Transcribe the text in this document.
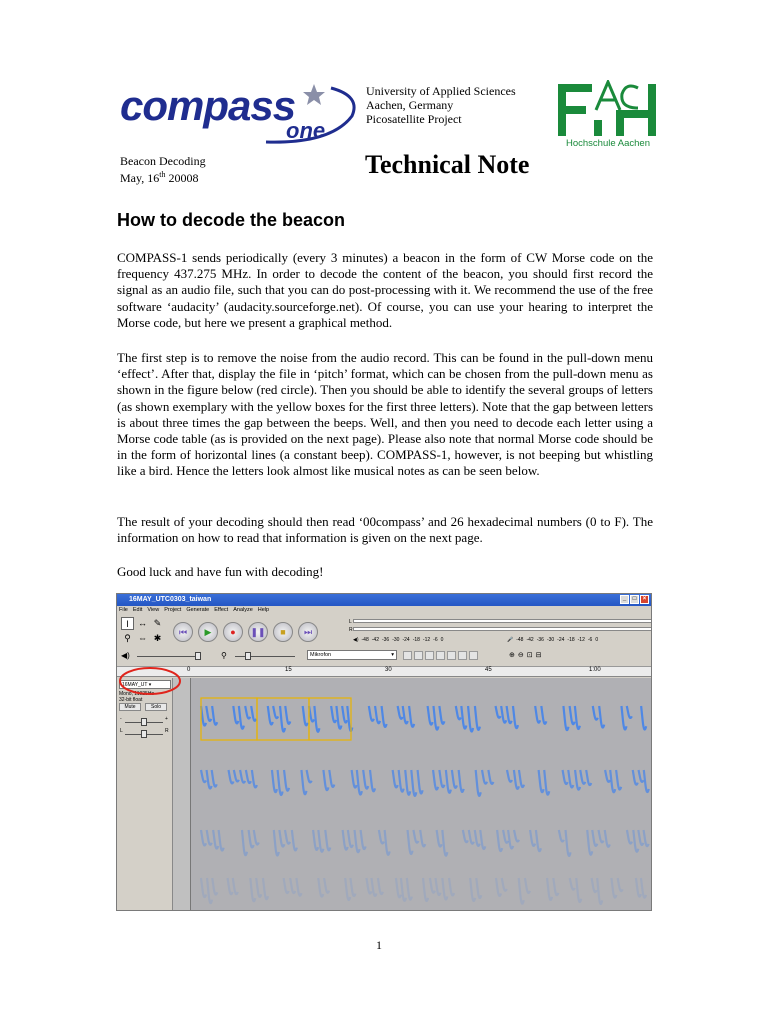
compass
one
University of Applied Sciences
Aachen, Germany
Picosatellite Project
Hochschule Aachen
Beacon Decoding
May, 16th 20008	Technical Note
How to decode the beacon

COMPASS-1 sends periodically (every 3 minutes) a beacon in the form of CW Morse code on the frequency 437.275 MHz. In order to decode the content of the beacon, you should first record the signal as an audio file, such that you can do post-processing with it. We recommend the use of the free software ‘audacity’ (audacity.sourceforge.net). Of course, you can use your hearing to interpret the Morse code, but here we present a graphical method.

The first step is to remove the noise from the audio record. This can be found in the pull-down menu ‘effect’. After that, display the file in ‘pitch’ format, which can be chosen from the pull-down menu as shown in the figure below (red circle). Then you should be able to identify the several groups of letters (as shown exemplary with the yellow boxes for the first three letters). Note that the gap between letters is about three times the gap between the beeps. Well, and then you need to decode each letter using a Morse code table (as is provided on the next page). Please also note that normal Morse code should be in the form of horizontal lines (a constant beep). COMPASS-1, however, is not beeping but whistling like a bird. Hence the letters look almost like musical notes as can be seen below.

The result of your decoding should then read ‘00compass’ and 26 hexadecimal numbers (0 to F). The information on how to read that information is given on the next page.

Good luck and have fun with decoding!

16MAY_UTC0303_taiwan	_	□	×
File Edit View Project Generate Effect Analyze Help
I	↔ ✎
⚲ ⇔ ✱
⏮ ▶ ● ❚❚ ■ ⏭
L
R
◀) -48 -42 -36 -30 -24 -18 -12 -6 0	🎤 -48 -42 -36 -30 -24 -18 -12 -6 0
◀)	⚲	Mikrofon	▾	⊕ ⊖ ⊡ ⊟
0	15	30	45	1:00
16MAY_UT ▾
Mono, 11025Hz
32-bit float
Mute	Solo
-	+
L	R
1
